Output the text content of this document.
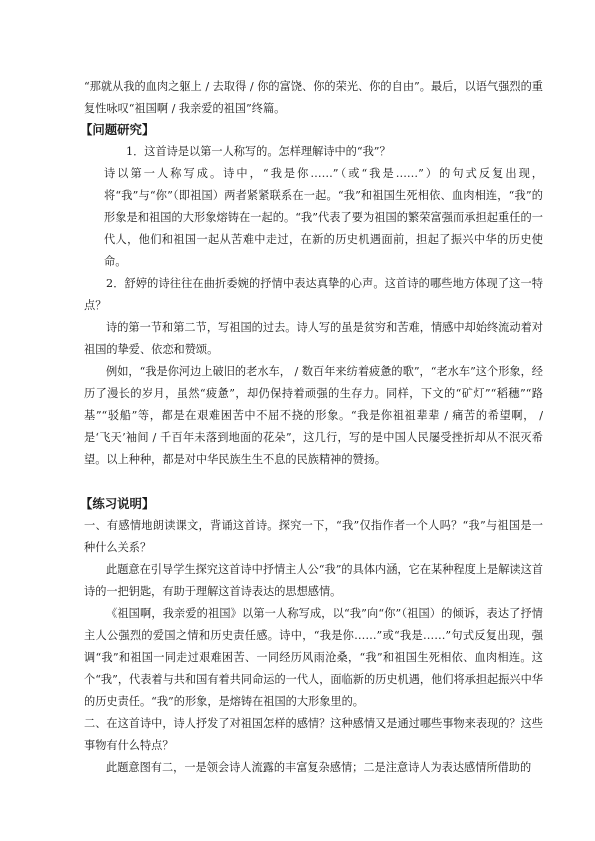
“那就从我的血肉之躯上 / 去取得 / 你的富饶、你的荣光、你的自由”。最后，以语气强烈的重复性咏叹“祖国啊 / 我亲爱的祖国”终篇。

【问题研究】

1．这首诗是以第一人称写的。怎样理解诗中的“我”？

诗以第一人称写成。诗中，“我是你……”（或“我是……”）的句式反复出现，将“我”与“你”（即祖国）两者紧紧联系在一起。“我”和祖国生死相依、血肉相连，“我”的形象是和祖国的大形象熔铸在一起的。“我”代表了要为祖国的繁荣富强而承担起重任的一代人，他们和祖国一起从苦难中走过，在新的历史机遇面前，担起了振兴中华的历史使命。

2．舒婷的诗往往在曲折委婉的抒情中表达真挚的心声。这首诗的哪些地方体现了这一特点？

诗的第一节和第二节，写祖国的过去。诗人写的虽是贫穷和苦难，情感中却始终流动着对祖国的挚爱、依恋和赞颂。

例如，“我是你河边上破旧的老水车， / 数百年来纺着疲惫的歌”，“老水车”这个形象，经历了漫长的岁月，虽然“疲惫”，却仍保持着顽强的生存力。同样，下文的“矿灯”“稻穗”“路基”“驳船”等，都是在艰难困苦中不屈不挠的形象。“我是你祖祖辈辈 / 痛苦的希望啊， / 是‘飞天’袖间 / 千百年未落到地面的花朵”，这几行，写的是中国人民屡受挫折却从不泯灭希望。以上种种，都是对中华民族生生不息的民族精神的赞扬。

【练习说明】

一、有感情地朗读课文，背诵这首诗。探究一下，“我”仅指作者一个人吗？“我”与祖国是一种什么关系？

此题意在引导学生探究这首诗中抒情主人公“我”的具体内涵，它在某种程度上是解读这首诗的一把钥匙，有助于理解这首诗表达的思想感情。

《祖国啊，我亲爱的祖国》以第一人称写成，以“我”向“你”（祖国）的倾诉，表达了抒情主人公强烈的爱国之情和历史责任感。诗中，“我是你……”或“我是……”句式反复出现，强调“我”和祖国一同走过艰难困苦、一同经历风雨沧桑，“我”和祖国生死相依、血肉相连。这个“我”，代表着与共和国有着共同命运的一代人，面临新的历史机遇，他们将承担起振兴中华的历史责任。“我”的形象，是熔铸在祖国的大形象里的。

二、在这首诗中，诗人抒发了对祖国怎样的感情？这种感情又是通过哪些事物来表现的？这些事物有什么特点？

此题意图有二，一是领会诗人流露的丰富复杂感情；二是注意诗人为表达感情所借助的
